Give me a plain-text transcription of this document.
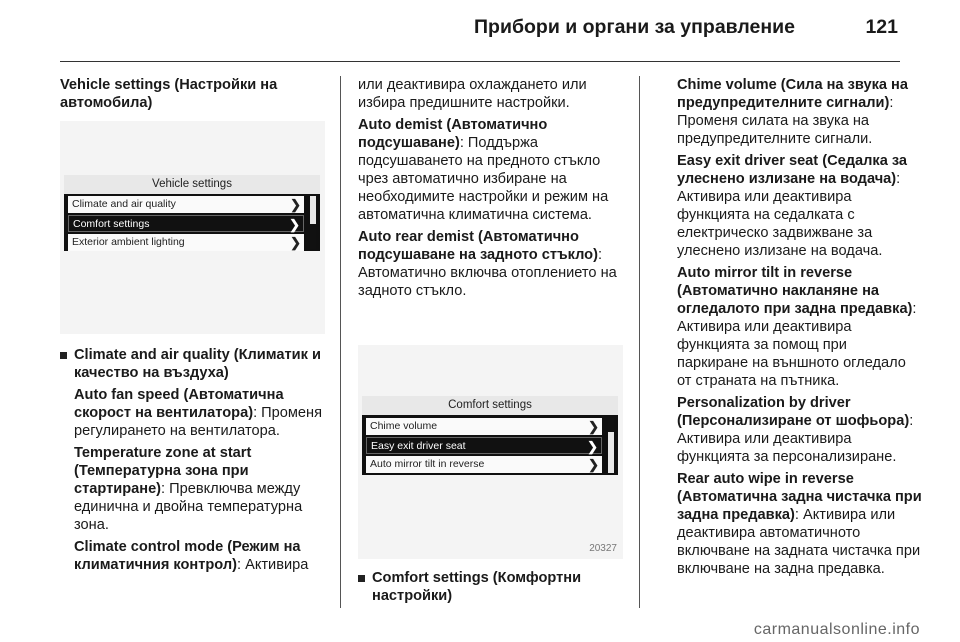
Прибори и органи за управление	121

Vehicle settings (Настройки на автомобила)

Vehicle settings
Climate and air quality	❯
Comfort settings	❯
Exterior ambient lighting	❯

Climate and air quality (Климатик и качество на въздуха)

Auto fan speed (Автоматична скорост на вентилатора): Променя регулирането на вентилатора.

Temperature zone at start (Температурна зона при стартиране): Превключва между единична и двойна температурна зона.

Climate control mode (Режим на климатичния контрол): Активира

или деактивира охлаждането или избира предишните настройки.

Auto demist (Автоматично подсушаване): Поддържа подсушаването на предното стъкло чрез автоматично избиране на необходимите настройки и режим на автоматична климатична система.

Auto rear demist (Автоматично подсушаване на задното стъкло): Автоматично включва отоплението на задното стъкло.

Comfort settings
Chime volume	❯
Easy exit driver seat	❯
Auto mirror tilt in reverse	❯
20327

Comfort settings (Комфортни настройки)

Chime volume (Сила на звука на предупредителните сигнали): Променя силата на звука на предупредителните сигнали.

Easy exit driver seat (Седалка за улеснено излизане на водача): Активира или деактивира функцията на седалката с електрическо задвижване за улеснено излизане на водача.

Auto mirror tilt in reverse (Автоматично накланяне на огледалото при задна предавка): Активира или деактивира функцията за помощ при паркиране на външното огледало от страната на пътника.

Personalization by driver (Персонализиране от шофьора): Активира или деактивира функцията за персонализиране.

Rear auto wipe in reverse (Автоматична задна чистачка при задна предавка): Активира или деактивира автоматичното включване на задната чистачка при включване на задна предавка.

carmanualsonline.info
